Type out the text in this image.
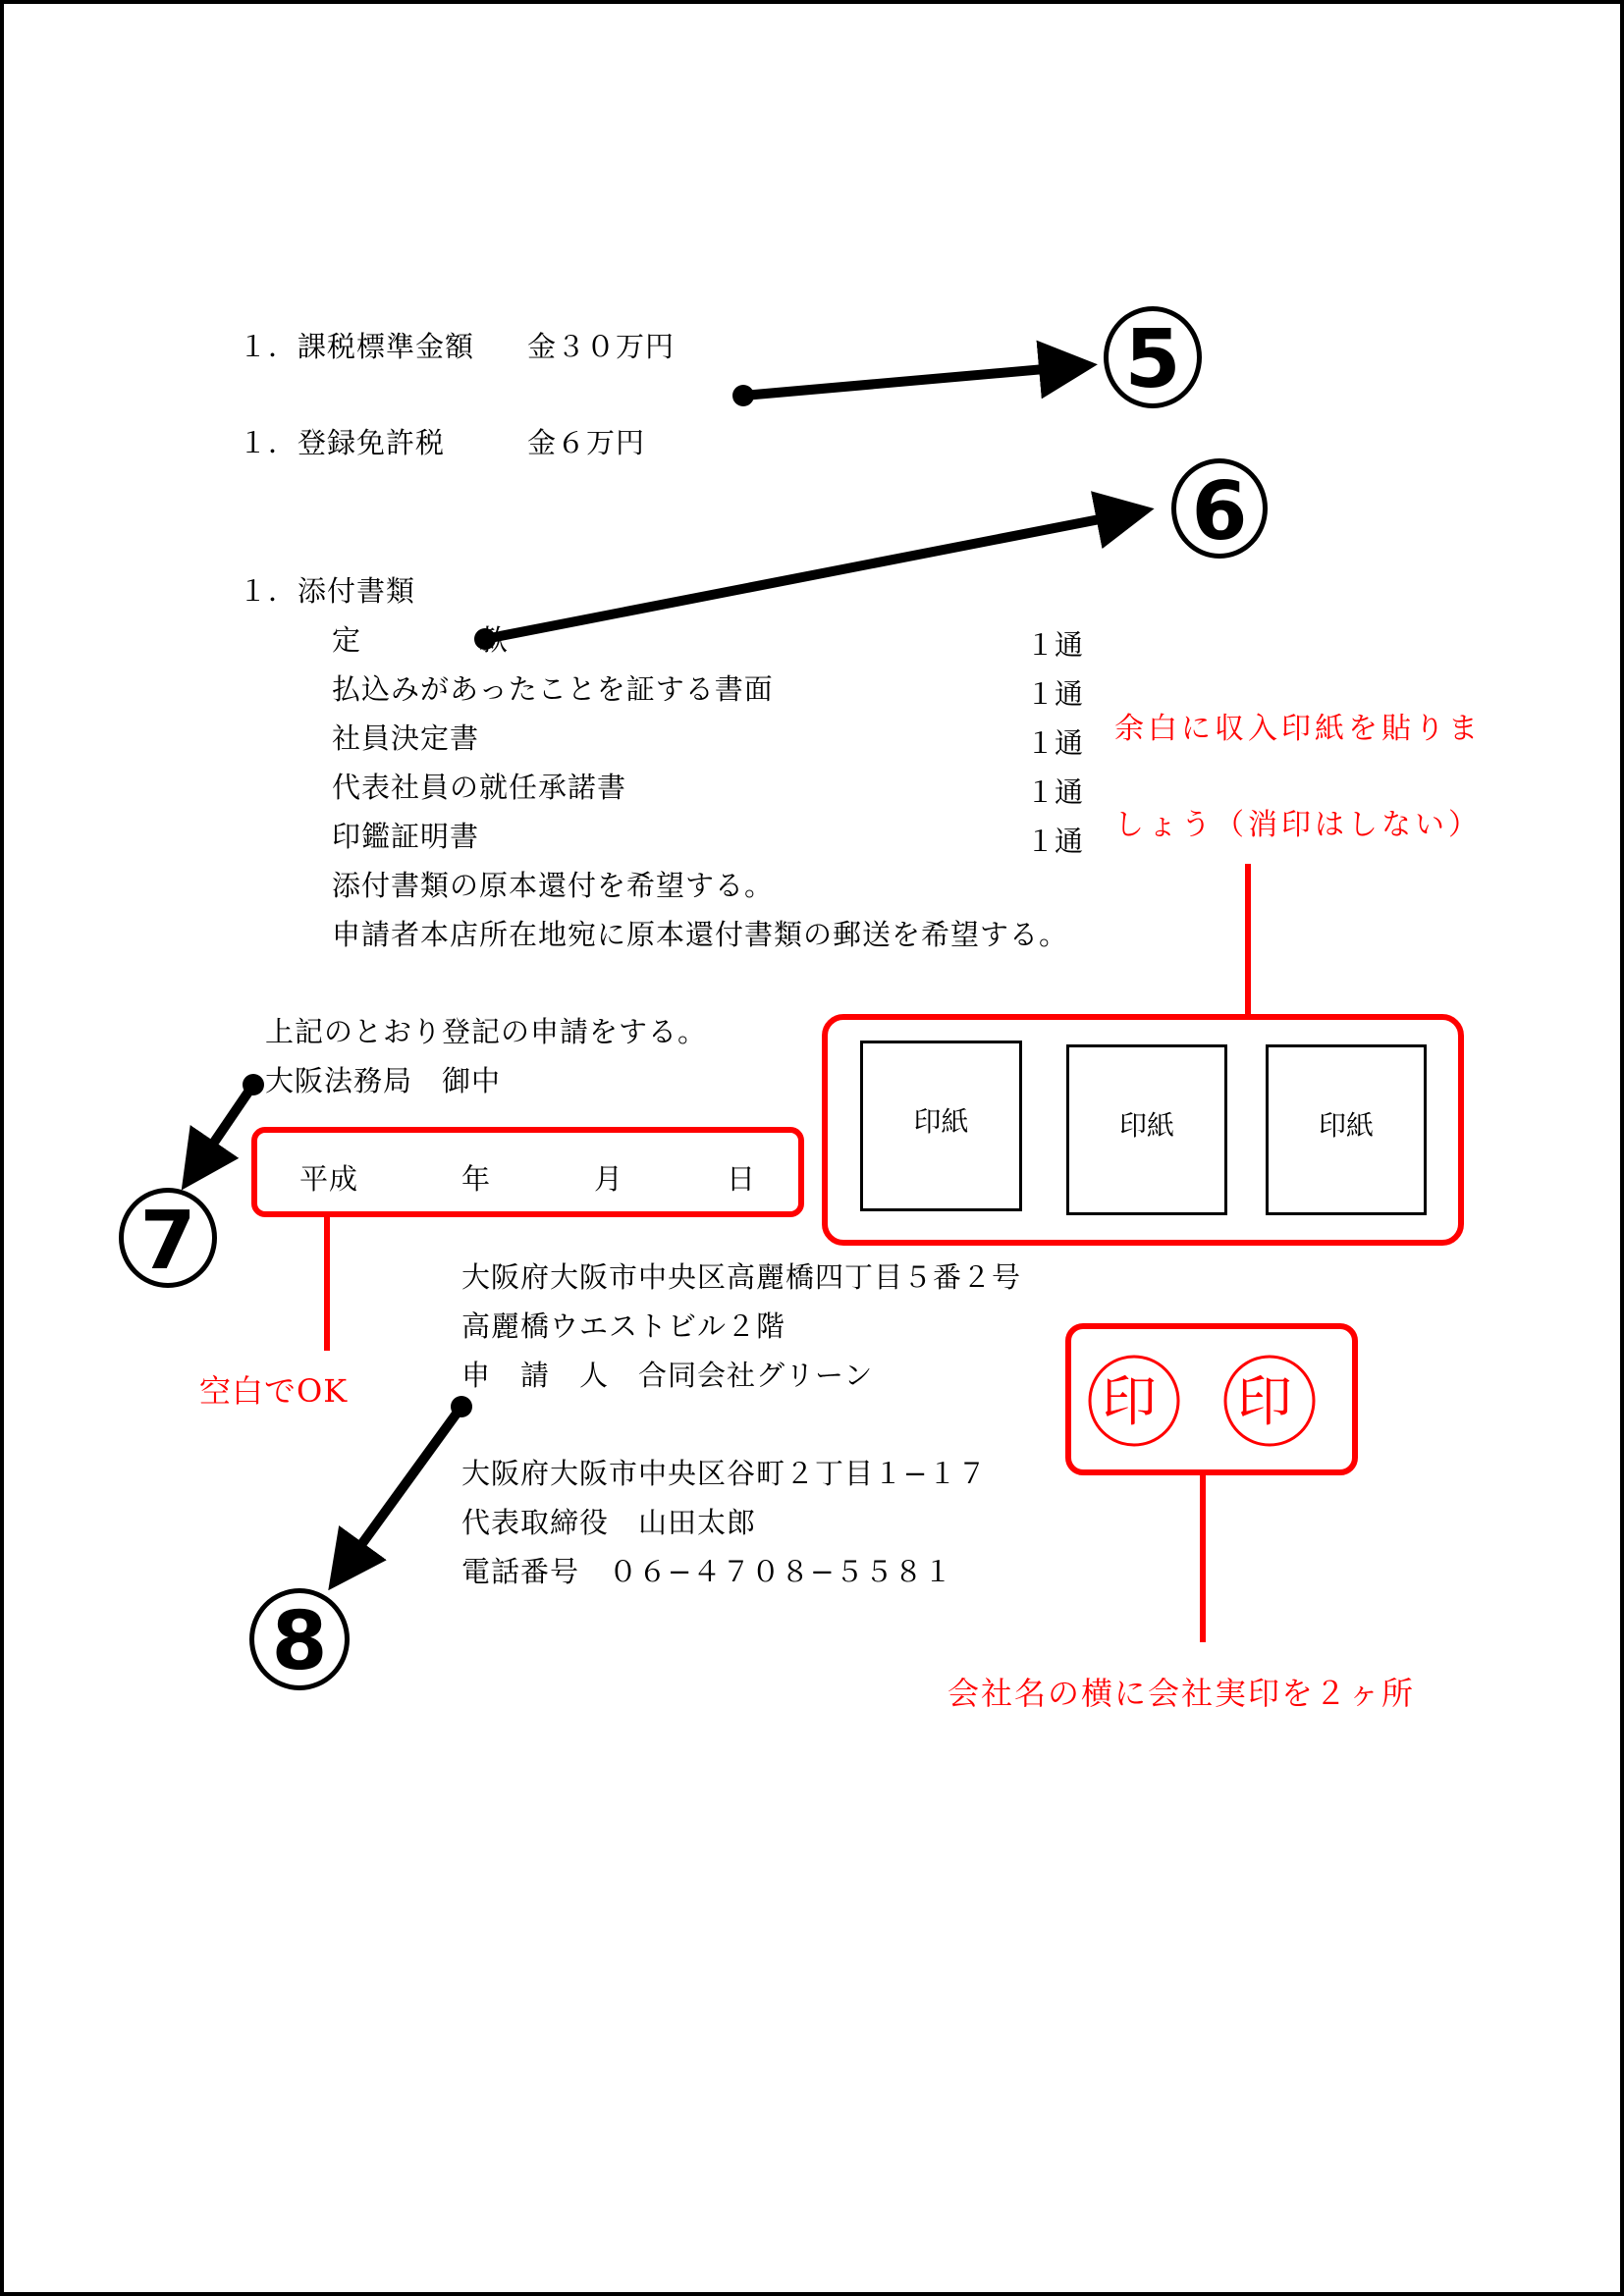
5
6
7
8
１．課税標準金額 金３０万円
１．登録免許税	金６万円
１．添付書類
定　　　　款	１通
払込みがあったことを証する書面	１通
社員決定書	１通
代表社員の就任承諾書	１通
印鑑証明書	１通
添付書類の原本還付を希望する。
申請者本店所在地宛に原本還付書類の郵送を希望する。
余白に収入印紙を貼りま
しょう（消印はしない）
印紙	印紙	印紙
上記のとおり登記の申請をする。
大阪法務局　御中
平成	年	月	日
空白でOK
大阪府大阪市中央区高麗橋四丁目５番２号
高麗橋ウエストビル２階
申　請　人　合同会社グリーン
大阪府大阪市中央区谷町２丁目１−１７
代表取締役　山田太郎
電話番号　０６−４７０８−５５８１
印 印
会社名の横に会社実印を２ヶ所
